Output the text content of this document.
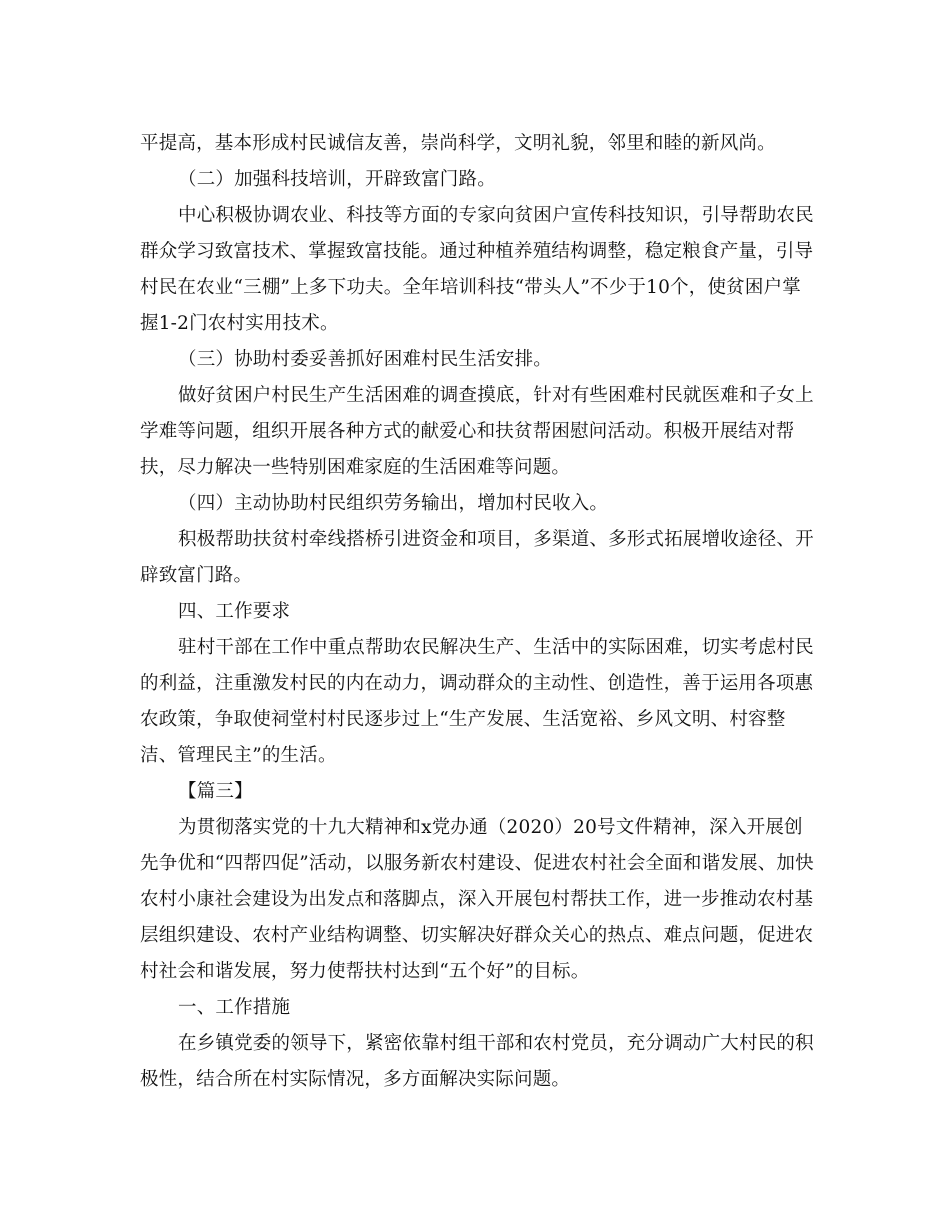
平提高，基本形成村民诚信友善，崇尚科学，文明礼貌，邻里和睦的新风尚。
（二）加强科技培训，开辟致富门路。
中心积极协调农业、科技等方面的专家向贫困户宣传科技知识，引导帮助农民
群众学习致富技术、掌握致富技能。通过种植养殖结构调整，稳定粮食产量，引导
村民在农业“三棚”上多下功夫。全年培训科技“带头人”不少于10个，使贫困户掌
握1-2门农村实用技术。
（三）协助村委妥善抓好困难村民生活安排。
做好贫困户村民生产生活困难的调查摸底，针对有些困难村民就医难和子女上
学难等问题，组织开展各种方式的献爱心和扶贫帮困慰问活动。积极开展结对帮
扶，尽力解决一些特别困难家庭的生活困难等问题。
（四）主动协助村民组织劳务输出，增加村民收入。
积极帮助扶贫村牵线搭桥引进资金和项目，多渠道、多形式拓展增收途径、开
辟致富门路。
四、工作要求
驻村干部在工作中重点帮助农民解决生产、生活中的实际困难，切实考虑村民
的利益，注重激发村民的内在动力，调动群众的主动性、创造性，善于运用各项惠
农政策，争取使祠堂村村民逐步过上“生产发展、生活宽裕、乡风文明、村容整
洁、管理民主”的生活。
【篇三】
为贯彻落实党的十九大精神和x党办通（2020）20号文件精神，深入开展创
先争优和“四帮四促”活动，以服务新农村建设、促进农村社会全面和谐发展、加快
农村小康社会建设为出发点和落脚点，深入开展包村帮扶工作，进一步推动农村基
层组织建设、农村产业结构调整、切实解决好群众关心的热点、难点问题，促进农
村社会和谐发展，努力使帮扶村达到“五个好”的目标。
一、工作措施
在乡镇党委的领导下，紧密依靠村组干部和农村党员，充分调动广大村民的积
极性，结合所在村实际情况，多方面解决实际问题。
